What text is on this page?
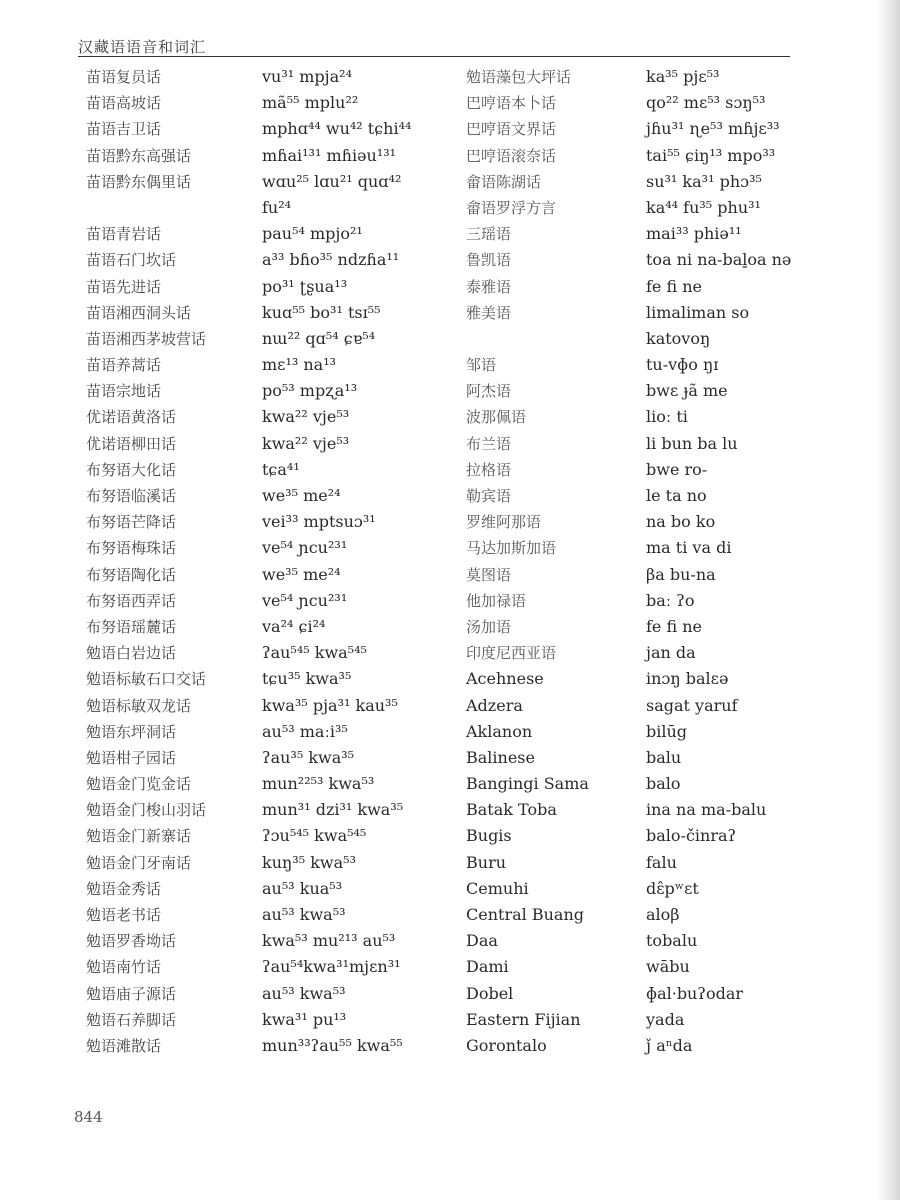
汉藏语语音和词汇
苗语复员话
苗语高坡话
苗语吉卫话
苗语黔东高强话
苗语黔东偶里话
苗语青岩话
苗语石门坎话
苗语先进话
苗语湘西洞头话
苗语湘西茅坡营话
苗语养蒿话
苗语宗地话
优诺语黄洛话
优诺语柳田话
布努语大化话
布努语临溪话
布努语芒降话
布努语梅珠话
布努语陶化话
布努语西弄话
布努语瑶麓话
勉语白岩边话
勉语标敏石口交话
勉语标敏双龙话
勉语东坪洞话
勉语柑子园话
勉语金门览金话
勉语金门梭山羽话
勉语金门新寨话
勉语金门牙南话
勉语金秀话
勉语老书话
勉语罗香坳话
勉语南竹话
勉语庙子源话
勉语石养脚话
勉语滩散话
vu³¹ mpja²⁴
mã⁵⁵ mplu²²
mphɑ⁴⁴ wu⁴² tɕhi⁴⁴
mɦai¹³¹ mɦiəu¹³¹
wɑu²⁵ lɑu²¹ quɑ⁴²
fu²⁴
pau⁵⁴ mpjo²¹
a³³ bɦo³⁵ ndzɦa¹¹
po³¹ ʈʂua¹³
kuɑ⁵⁵ bo³¹ tsɪ⁵⁵
nɯ²² qɑ⁵⁴ ɕɐ⁵⁴
mɛ¹³ na¹³
po⁵³ mpʐa¹³
kwa²² vje⁵³
kwa²² vje⁵³
tɕa⁴¹
we³⁵ me²⁴
vei³³ mptsuɔ³¹
ve⁵⁴ ɲcu²³¹
we³⁵ me²⁴
ve⁵⁴ ɲcu²³¹
va²⁴ ɕi²⁴
ʔau⁵⁴⁵ kwa⁵⁴⁵
tɕu³⁵ kwa³⁵
kwa³⁵ pja³¹ kau³⁵
au⁵³ maːi³⁵
ʔau³⁵ kwa³⁵
mun²²⁵³ kwa⁵³
mun³¹ dzi³¹ kwa³⁵
ʔɔu⁵⁴⁵ kwa⁵⁴⁵
kuŋ³⁵ kwa⁵³
au⁵³ kua⁵³
au⁵³ kwa⁵³
kwa⁵³ mu²¹³ au⁵³
ʔau⁵⁴kwa³¹mjɛn³¹
au⁵³ kwa⁵³
kwa³¹ pu¹³
mun³³ʔau⁵⁵ kwa⁵⁵
勉语藻包大坪话
巴哼语本卜话
巴哼语文界话
巴哼语滚奈话
畲语陈湖话
畲语罗浮方言
三瑶语
鲁凯语
泰雅语
雅美语
邹语
阿杰语
波那佩语
布兰语
拉格语
勒宾语
罗维阿那语
马达加斯加语
莫图语
他加禄语
汤加语
印度尼西亚语
Acehnese
Adzera
Aklanon
Balinese
Bangingi Sama
Batak Toba
Bugis
Buru
Cemuhi
Central Buang
Daa
Dami
Dobel
Eastern Fijian
Gorontalo
ka³⁵ pjɛ⁵³
qo²² mɛ⁵³ sɔŋ⁵³
jɦu³¹ ɳe⁵³ mɦjɛ³³
tai⁵⁵ ɕiŋ¹³ mpo³³
su³¹ ka³¹ phɔ³⁵
ka⁴⁴ fu³⁵ phu³¹
mai³³ phiə¹¹
toa ni na-baḻoa nə
fe fi ne
limaliman so
katovoŋ
tu-vɸo ŋɪ
bwɛ ɟã me
lioː ti
li bun ba lu
bwe ro-
le ta no
na bo ko
ma ti va di
βa bu-na
baː ʔo
fe fi ne
jan da
inɔŋ balɛə
sagat yaruf
bilūg
balu
balo
ina na ma-balu
balo-činraʔ
falu
dɛ̂pʷɛt
aloβ
tobalu
wābu
ɸal·buʔodar
yada
ǰ aⁿda
844
